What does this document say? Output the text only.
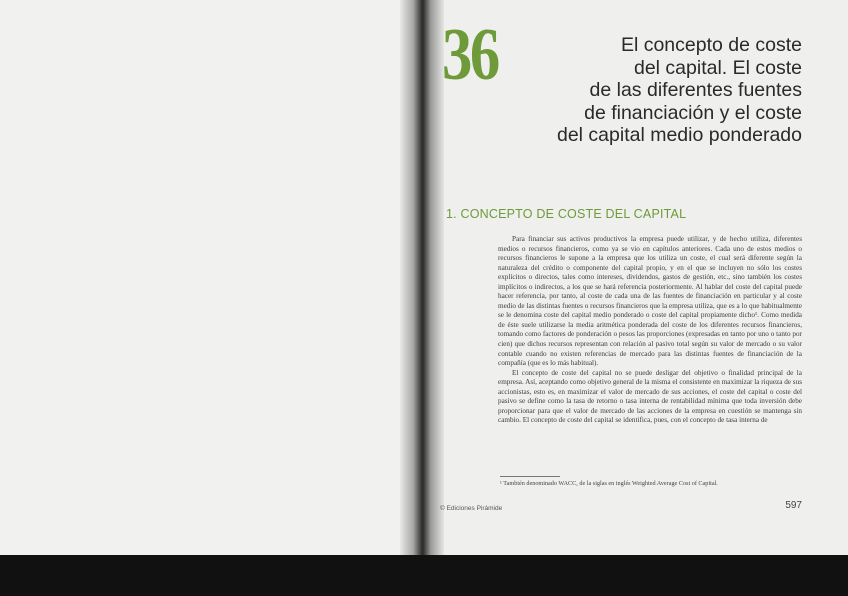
36	El concepto de coste
del capital. El coste
de las diferentes fuentes
de financiación y el coste
del capital medio ponderado
1. CONCEPTO DE COSTE DEL CAPITAL

Para financiar sus activos productivos la empresa puede utilizar, y de hecho utiliza, diferentes medios o recursos financieros, como ya se vio en capítulos anteriores. Cada uno de estos medios o recursos financieros le supone a la empresa que los utiliza un coste, el cual será diferente según la naturaleza del crédito o componente del capital propio, y en el que se incluyen no sólo los costes explícitos o directos, tales como intereses, dividendos, gastos de gestión, etc., sino también los costes implícitos o indirectos, a los que se hará referencia posteriormente. Al hablar del coste del capital puede hacer referencia, por tanto, al coste de cada una de las fuentes de financiación en particular y al coste medio de las distintas fuentes o recursos financieros que la empresa utiliza, que es a lo que habitualmente se le denomina coste del capital medio ponderado o coste del capital propiamente dicho¹. Como medida de éste suele utilizarse la media aritmética ponderada del coste de los diferentes recursos financieros, tomando como factores de ponderación o pesos las proporciones (expresadas en tanto por uno o tanto por cien) que dichos recursos representan con relación al pasivo total según su valor de mercado o su valor contable cuando no existen referencias de mercado para las distintas fuentes de financiación de la compañía (que es lo más habitual).

El concepto de coste del capital no se puede desligar del objetivo o finalidad principal de la empresa. Así, aceptando como objetivo general de la misma el consistente en maximizar la riqueza de sus accionistas, esto es, en maximizar el valor de mercado de sus acciones, el coste del capital o coste del pasivo se define como la tasa de retorno o tasa interna de rentabilidad mínima que toda inversión debe proporcionar para que el valor de mercado de las acciones de la empresa en cuestión se mantenga sin cambio. El concepto de coste del capital se identifica, pues, con el concepto de tasa interna de

¹ También denominado WACC, de la siglas en inglés Weighted Average Cost of Capital.
© Ediciones Pirámide	597
